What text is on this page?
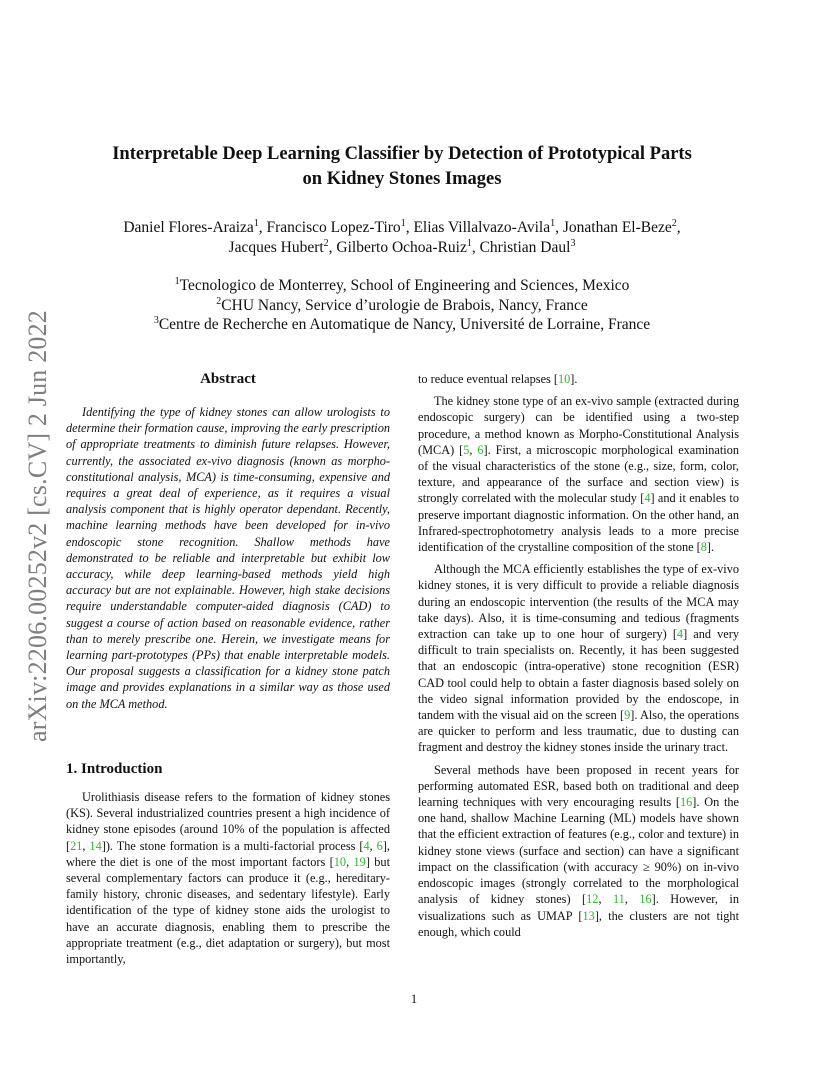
arXiv:2206.00252v2 [cs.CV] 2 Jun 2022
Interpretable Deep Learning Classifier by Detection of Prototypical Parts
on Kidney Stones Images
Daniel Flores-Araiza$^1$, Francisco Lopez-Tiro$^1$, Elias Villalvazo-Avila$^1$, Jonathan El-Beze$^2$,
Jacques Hubert$^2$, Gilberto Ochoa-Ruiz$^1$, Christian Daul$^3$
$^1$Tecnologico de Monterrey, School of Engineering and Sciences, Mexico
$^2$CHU Nancy, Service d’urologie de Brabois, Nancy, France
$^3$Centre de Recherche en Automatique de Nancy, Université de Lorraine, France
Abstract

Identifying the type of kidney stones can allow urologists to determine their formation cause, improving the early prescription of appropriate treatments to diminish future relapses. However, currently, the associated ex-vivo diagnosis (known as morpho-constitutional analysis, MCA) is time-consuming, expensive and requires a great deal of experience, as it requires a visual analysis component that is highly operator dependant. Recently, machine learning methods have been developed for in-vivo endoscopic stone recognition. Shallow methods have demonstrated to be reliable and interpretable but exhibit low accuracy, while deep learning-based methods yield high accuracy but are not explainable. However, high stake decisions require understandable computer-aided diagnosis (CAD) to suggest a course of action based on reasonable evidence, rather than to merely prescribe one. Herein, we investigate means for learning part-prototypes (PPs) that enable interpretable models. Our proposal suggests a classification for a kidney stone patch image and provides explanations in a similar way as those used on the MCA method.

1. Introduction

Urolithiasis disease refers to the formation of kidney stones (KS). Several industrialized countries present a high incidence of kidney stone episodes (around 10% of the population is affected [21, 14]). The stone formation is a multi-factorial process [4, 6], where the diet is one of the most important factors [10, 19] but several complementary factors can produce it (e.g., hereditary-family history, chronic diseases, and sedentary lifestyle). Early identification of the type of kidney stone aids the urologist to have an accurate diagnosis, enabling them to prescribe the appropriate treatment (e.g., diet adaptation or surgery), but most importantly,

to reduce eventual relapses [10].

The kidney stone type of an ex-vivo sample (extracted during endoscopic surgery) can be identified using a two-step procedure, a method known as Morpho-Constitutional Analysis (MCA) [5, 6]. First, a microscopic morphological examination of the visual characteristics of the stone (e.g., size, form, color, texture, and appearance of the surface and section view) is strongly correlated with the molecular study [4] and it enables to preserve important diagnostic information. On the other hand, an Infrared-spectrophotometry analysis leads to a more precise identification of the crystalline composition of the stone [8].

Although the MCA efficiently establishes the type of ex-vivo kidney stones, it is very difficult to provide a reliable diagnosis during an endoscopic intervention (the results of the MCA may take days). Also, it is time-consuming and tedious (fragments extraction can take up to one hour of surgery) [4] and very difficult to train specialists on. Recently, it has been suggested that an endoscopic (intra-operative) stone recognition (ESR) CAD tool could help to obtain a faster diagnosis based solely on the video signal information provided by the endoscope, in tandem with the visual aid on the screen [9]. Also, the operations are quicker to perform and less traumatic, due to dusting can fragment and destroy the kidney stones inside the urinary tract.

Several methods have been proposed in recent years for performing automated ESR, based both on traditional and deep learning techniques with very encouraging results [16]. On the one hand, shallow Machine Learning (ML) models have shown that the efficient extraction of features (e.g., color and texture) in kidney stone views (surface and section) can have a significant impact on the classification (with accuracy ≥ 90%) on in-vivo endoscopic images (strongly correlated to the morphological analysis of kidney stones) [12, 11, 16]. However, in visualizations such as UMAP [13], the clusters are not tight enough, which could

1
